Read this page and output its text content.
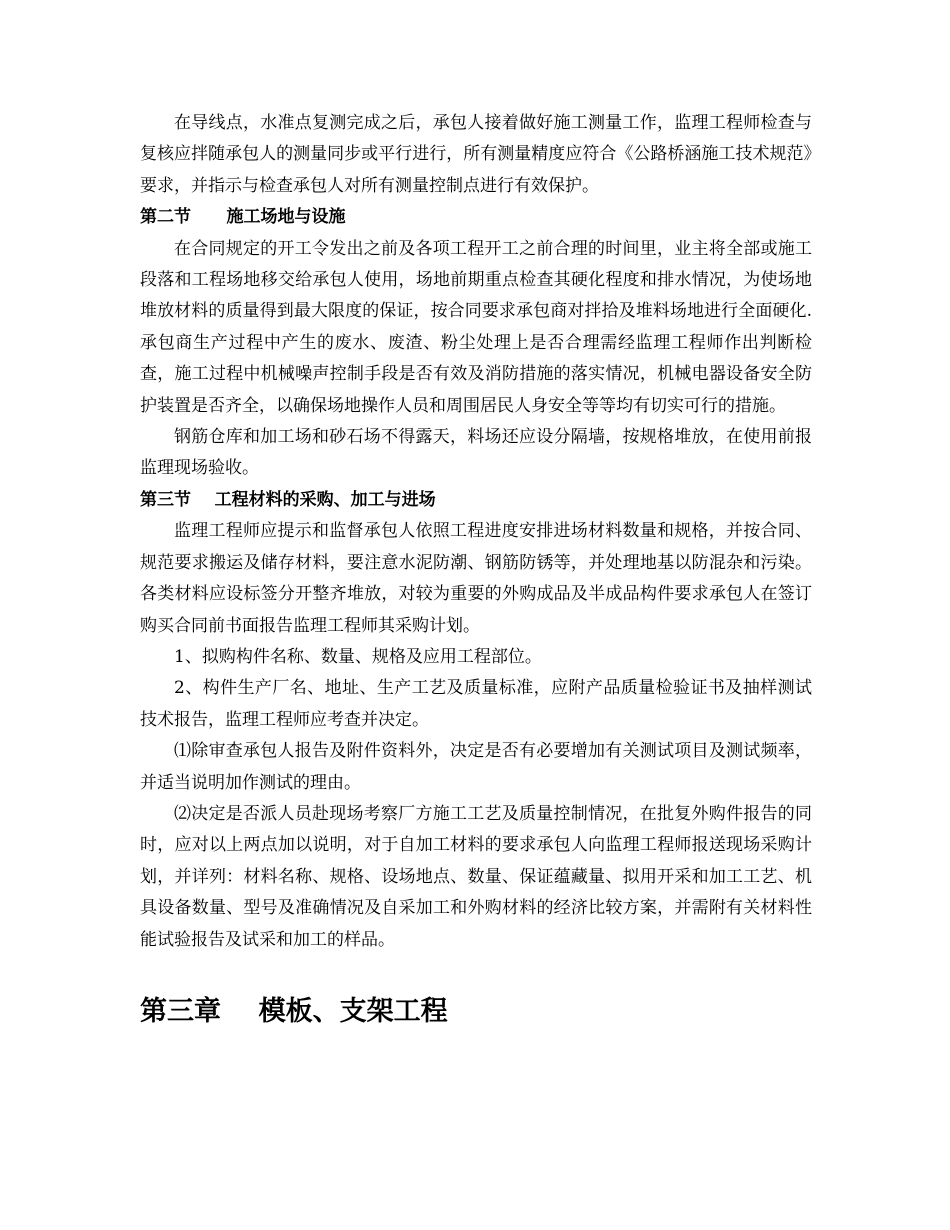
在导线点，水准点复测完成之后，承包人接着做好施工测量工作，监理工程师检查与复核应拌随承包人的测量同步或平行进行，所有测量精度应符合《公路桥涵施工技术规范》要求，并指示与检查承包人对所有测量控制点进行有效保护。

第二节      施工场地与设施

在合同规定的开工令发出之前及各项工程开工之前合理的时间里，业主将全部或施工段落和工程场地移交给承包人使用，场地前期重点检查其硬化程度和排水情况，为使场地堆放材料的质量得到最大限度的保证，按合同要求承包商对拌拾及堆料场地进行全面硬化.承包商生产过程中产生的废水、废渣、粉尘处理上是否合理需经监理工程师作出判断检查，施工过程中机械噪声控制手段是否有效及消防措施的落实情况，机械电器设备安全防护装置是否齐全，以确保场地操作人员和周围居民人身安全等等均有切实可行的措施。

钢筋仓库和加工场和砂石场不得露天，料场还应设分隔墙，按规格堆放，在使用前报监理现场验收。

第三节    工程材料的采购、加工与进场

监理工程师应提示和监督承包人依照工程进度安排进场材料数量和规格，并按合同、规范要求搬运及储存材料，要注意水泥防潮、钢筋防锈等，并处理地基以防混杂和污染。各类材料应设标签分开整齐堆放，对较为重要的外购成品及半成品构件要求承包人在签订购买合同前书面报告监理工程师其采购计划。

1、拟购构件名称、数量、规格及应用工程部位。

2、构件生产厂名、地址、生产工艺及质量标准，应附产品质量检验证书及抽样测试技术报告，监理工程师应考查并决定。

⑴除审查承包人报告及附件资料外，决定是否有必要增加有关测试项目及测试频率，并适当说明加作测试的理由。

⑵决定是否派人员赴现场考察厂方施工工艺及质量控制情况，在批复外购件报告的同时，应对以上两点加以说明，对于自加工材料的要求承包人向监理工程师报送现场采购计划，并详列：材料名称、规格、设场地点、数量、保证蕴藏量、拟用开采和加工工艺、机具设备数量、型号及准确情况及自采加工和外购材料的经济比较方案，并需附有关材料性能试验报告及试采和加工的样品。

第三章    模板、支架工程
